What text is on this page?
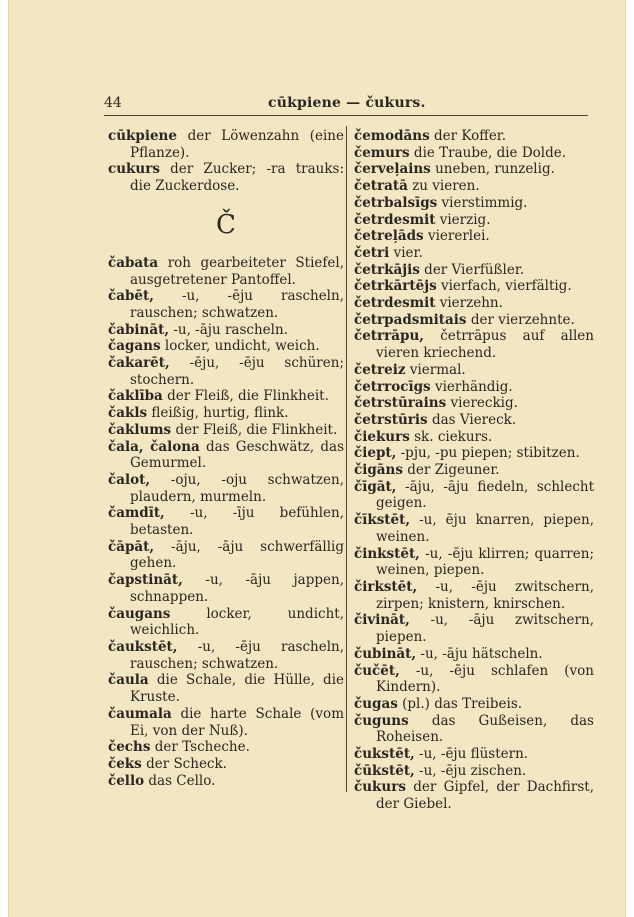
44	cūkpiene — čukurs.

cūkpiene der Löwenzahn (eine Pflanze).

cukurs der Zucker; -ra trauks: die Zuckerdose.

Č

čabata roh gearbeiteter Stiefel, ausgetretener Pantoffel.

čabēt, -u, -ēju rascheln, rauschen; schwatzen.

čabināt, -u, -āju rascheln.

čagans locker, undicht, weich.

čakarēt, -ēju, -ēju schüren; stochern.

čaklība der Fleiß, die Flinkheit.

čakls fleißig, hurtig, flink.

čaklums der Fleiß, die Flinkheit.

čala, čalona das Geschwätz, das Gemurmel.

čalot, -oju, -oju schwatzen, plaudern, murmeln.

čamdīt, -u, -īju befühlen, betasten.

čāpāt, -āju, -āju schwerfällig gehen.

čapstināt, -u, -āju jappen, schnappen.

čaugans	locker, undicht, weichlich.

čaukstēt, -u, -ēju rascheln, rauschen; schwatzen.

čaula die Schale, die Hülle, die Kruste.

čaumala die harte Schale (vom Ei, von der Nuß).

čechs der Tscheche.

čeks der Scheck.

čello das Cello.

čemodāns der Koffer.

čemurs die Traube, die Dolde.

červeļains uneben, runzelig.

četratā zu vieren.

četrbalsīgs vierstimmig.

četrdesmit vierzig.

četreļāds viererlei.

četri vier.

četrkājis der Vierfüßler.

četrkārtējs vierfach, vierfältig.

četrdesmit vierzehn.

četrpadsmitais der vierzehnte.

četrrāpu, četrrāpus auf allen vieren kriechend.

četreiz viermal.

četrrocīgs vierhändig.

četrstūrains viereckig.

četrstūris das Viereck.

čiekurs sk. ciekurs.

čiept, -pju, -pu piepen; stibitzen.

čigāns der Zigeuner.

čīgāt, -āju, -āju fiedeln, schlecht geigen.

čīkstēt, -u, ēju knarren, piepen, weinen.

činkstēt, -u, -ēju klirren; quarren; weinen, piepen.

čirkstēt, -u, -ēju zwitschern, zirpen; knistern, knirschen.

čivināt, -u, -āju zwitschern, piepen.

čubināt, -u, -āju hätscheln.

čučēt, -u, -ēju schlafen (von Kindern).

čugas (pl.) das Treibeis.

čuguns das Gußeisen, das Roheisen.

čukstēt, -u, -ēju flüstern.

čūkstēt, -u, -ēju zischen.

čukurs der Gipfel, der Dachfirst, der Giebel.
